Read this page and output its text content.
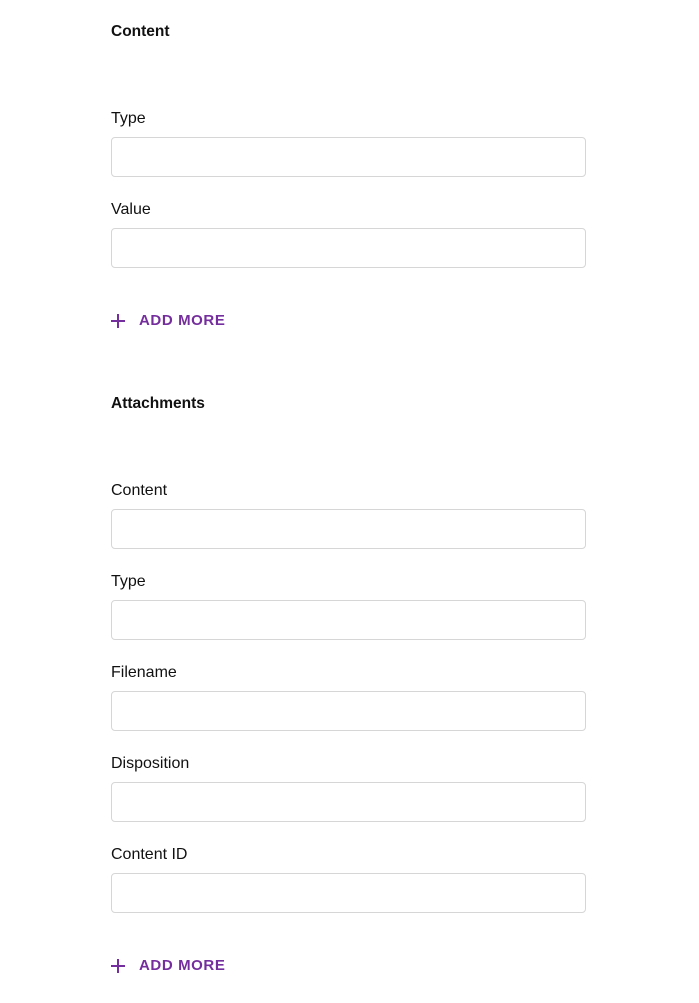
Content
Type
Value
ADD MORE
Attachments
Content
Type
Filename
Disposition
Content ID
ADD MORE
